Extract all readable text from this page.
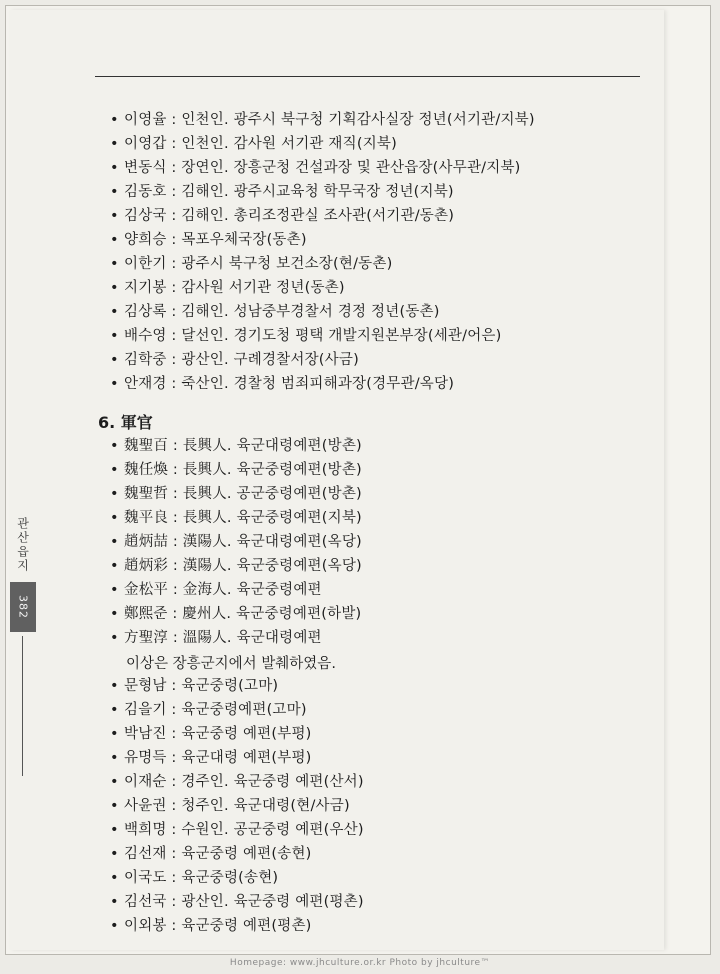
• 이영율 : 인천인. 광주시 북구청 기획감사실장 정년(서기관/지북)
• 이영갑 : 인천인. 감사원 서기관 재직(지북)
• 변동식 : 장연인. 장흥군청 건설과장 및 관산읍장(사무관/지북)
• 김동호 : 김해인. 광주시교육청 학무국장 정년(지북)
• 김상국 : 김해인. 총리조정관실 조사관(서기관/동촌)
• 양희승 : 목포우체국장(동촌)
• 이한기 : 광주시 북구청 보건소장(현/동촌)
• 지기봉 : 감사원 서기관 정년(동촌)
• 김상록 : 김해인. 성남중부경찰서 경정 정년(동촌)
• 배수영 : 달선인. 경기도청 평택 개발지원본부장(세관/어은)
• 김학중 : 광산인. 구례경찰서장(사금)
• 안재경 : 죽산인. 경찰청 범죄피해과장(경무관/옥당)
6. 軍官
• 魏聖百 : 長興人. 육군대령예편(방촌)
• 魏任煥 : 長興人. 육군중령예편(방촌)
• 魏聖哲 : 長興人. 공군중령예편(방촌)
• 魏平良 : 長興人. 육군중령예편(지북)
• 趙炳喆 : 漢陽人. 육군대령예편(옥당)
• 趙炳彩 : 漢陽人. 육군중령예편(옥당)
• 金松平 : 金海人. 육군중령예편
• 鄭熙준 : 慶州人. 육군중령예편(하발)
• 方聖淳 : 溫陽人. 육군대령예편
이상은 장흥군지에서 발췌하였음.
• 문형남 : 육군중령(고마)
• 김을기 : 육군중령예편(고마)
• 박남진 : 육군중령 예편(부평)
• 유명득 : 육군대령 예편(부평)
• 이재순 : 경주인. 육군중령 예편(산서)
• 사윤권 : 청주인. 육군대령(현/사금)
• 백희명 : 수원인. 공군중령 예편(우산)
• 김선재 : 육군중령 예편(송현)
• 이국도 : 육군중령(송현)
• 김선국 : 광산인. 육군중령 예편(평촌)
• 이외봉 : 육군중령 예편(평촌)
관산읍지
382
Homepage: www.jhculture.or.kr Photo by jhculture™
